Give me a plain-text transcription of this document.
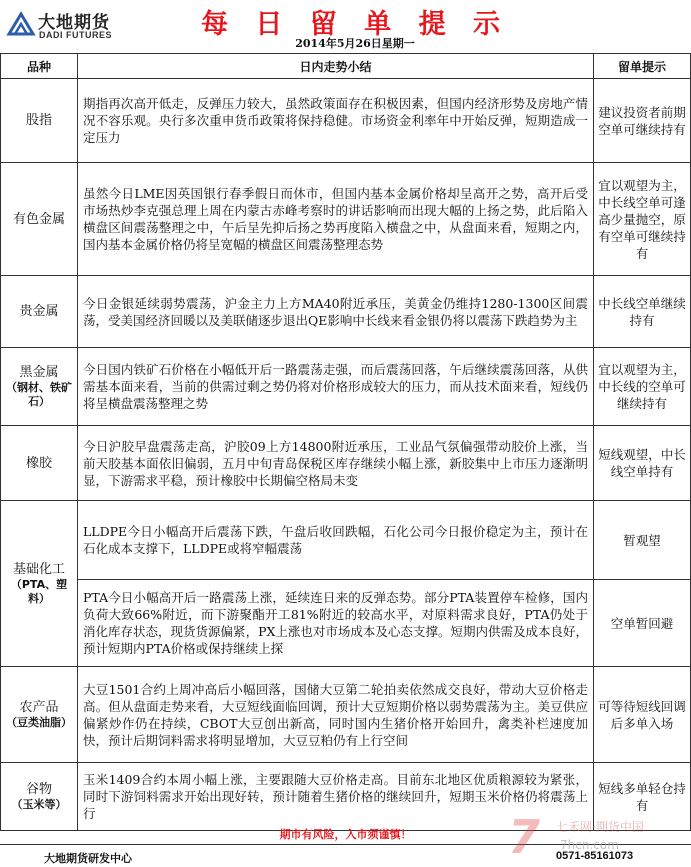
大地期货
DADI FUTURES	每 日 留 单 提 示
2014年5月26日星期一
品种	日内走势小结	留单提示
股指	期指再次高开低走，反弹压力较大，虽然政策面存在积极因素，但国内经济形势及房地产情况不容乐观。央行多次重申货币政策将保持稳健。市场资金利率年中开始反弹，短期造成一定压力	建议投资者前期空单可继续持有
有色金属	虽然今日LME因英国银行春季假日而休市，但国内基本金属价格却呈高开之势，高开后受市场热炒李克强总理上周在内蒙古赤峰考察时的讲话影响而出现大幅的上扬之势，此后陷入横盘区间震荡整理之中，午后呈先抑后扬之势再度陷入横盘之中，从盘面来看，短期之内，国内基本金属价格仍将呈宽幅的横盘区间震荡整理态势	宜以观望为主，中长线空单可逢高少量抛空，原有空单可继续持有
贵金属	今日金银延续弱势震荡，沪金主力上方MA40附近承压，美黄金仍维持1280-1300区间震荡，受美国经济回暖以及美联储逐步退出QE影响中长线来看金银仍将以震荡下跌趋势为主	中长线空单继续持有
黑金属
（钢材、铁矿石）	今日国内铁矿石价格在小幅低开后一路震荡走强，而后震荡回落，午后继续震荡回落，从供需基本面来看，当前的供需过剩之势仍将对价格形成较大的压力，而从技术面来看，短线仍将呈横盘震荡整理之势	宜以观望为主，中长线的空单可继续持有
橡胶	今日沪胶早盘震荡走高，沪胶09上方14800附近承压，工业品气氛偏强带动胶价上涨，当前天胶基本面依旧偏弱，五月中旬青岛保税区库存继续小幅上涨，新胶集中上市压力逐渐明显，下游需求平稳，预计橡胶中长期偏空格局未变	短线观望，中长线空单持有
基础化工
（PTA、塑料）	LLDPE今日小幅高开后震荡下跌，午盘后收回跌幅，石化公司今日报价稳定为主，预计在石化成本支撑下，LLDPE或将窄幅震荡	暂观望
	PTA今日小幅高开后一路震荡上涨，延续连日来的反弹态势。部分PTA装置停车检修，国内负荷大致66%附近，而下游聚酯开工81%附近的较高水平，对原料需求良好，PTA仍处于消化库存状态，现货货源偏紧，PX上涨也对市场成本及心态支撑。短期内供需及成本良好，预计短期内PTA价格或保持继续上探	空单暂回避
农产品
（豆类油脂）	大豆1501合约上周冲高后小幅回落，国储大豆第二轮拍卖依然成交良好，带动大豆价格走高。但从盘面走势来看，大豆短线面临回调，预计大豆短期价格以弱势震荡为主。美豆供应偏紧炒作仍在持续，CBOT大豆创出新高，同时国内生猪价格开始回升，禽类补栏速度加快，预计后期饲料需求将明显增加，大豆豆粕仍有上行空间	可等待短线回调后多单入场
谷物
（玉米等）	玉米1409合约本周小幅上涨，主要跟随大豆价格走高。目前东北地区优质粮源较为紧张，同时下游饲料需求开始出现好转，预计随着生猪价格的继续回升，短期玉米价格仍将震荡上行	短线多单轻仓持有
期市有风险，入市须谨慎！
大地期货研发中心	0571-85161073
7 七禾网·期货中国
7hcn.com
